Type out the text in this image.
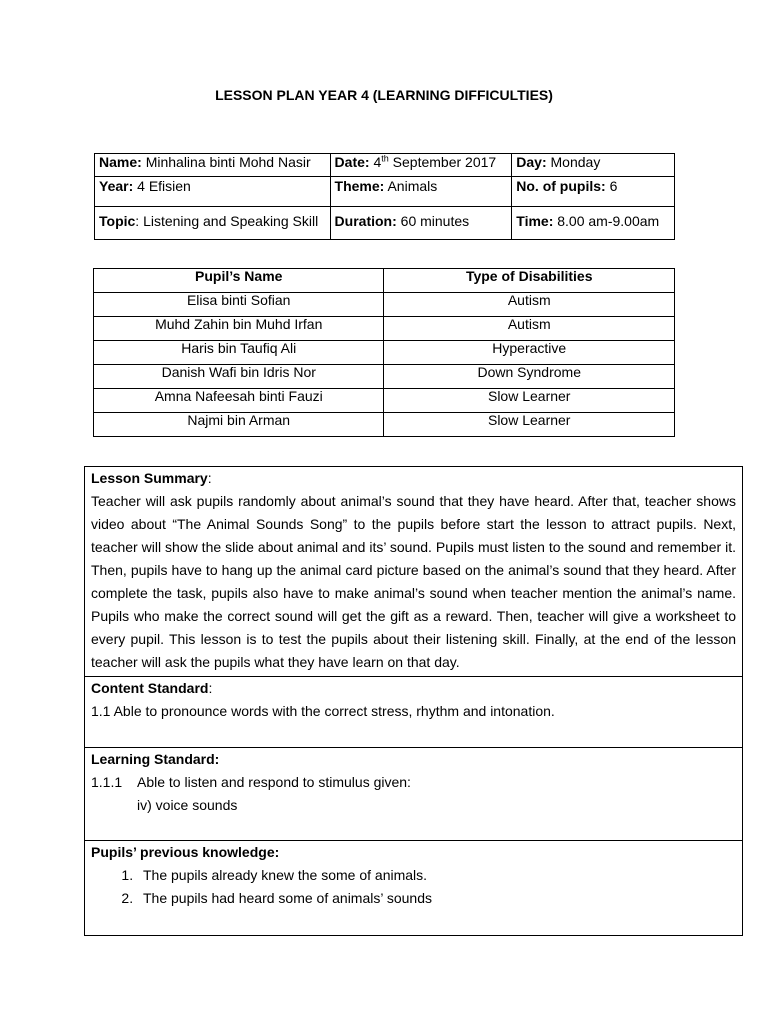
LESSON PLAN YEAR 4 (LEARNING DIFFICULTIES)
Name: Minhalina binti Mohd Nasir	Date: 4th September 2017	Day: Monday
Year: 4 Efisien	Theme: Animals	No. of pupils: 6
Topic: Listening and Speaking Skill	Duration: 60 minutes	Time: 8.00 am-9.00am
Pupil’s Name	Type of Disabilities
Elisa binti Sofian	Autism
Muhd Zahin bin Muhd Irfan	Autism
Haris bin Taufiq Ali	Hyperactive
Danish Wafi bin Idris Nor	Down Syndrome
Amna Nafeesah binti Fauzi	Slow Learner
Najmi bin Arman	Slow Learner
Lesson Summary:
Teacher will ask pupils randomly about animal’s sound that they have heard. After that, teacher shows video about “The Animal Sounds Song” to the pupils before start the lesson to attract pupils. Next, teacher will show the slide about animal and its’ sound. Pupils must listen to the sound and remember it. Then, pupils have to hang up the animal card picture based on the animal’s sound that they heard. After complete the task, pupils also have to make animal’s sound when teacher mention the animal’s name. Pupils who make the correct sound will get the gift as a reward. Then, teacher will give a worksheet to every pupil. This lesson is to test the pupils about their listening skill. Finally, at the end of the lesson teacher will ask the pupils what they have learn on that day.

Content Standard:
1.1 Able to pronounce words with the correct stress, rhythm and intonation.

Learning Standard:
1.1.1	Able to listen and respond to stimulus given:
iv) voice sounds

Pupils’ previous knowledge:
1. The pupils already knew the some of animals.
2. The pupils had heard some of animals’ sounds
